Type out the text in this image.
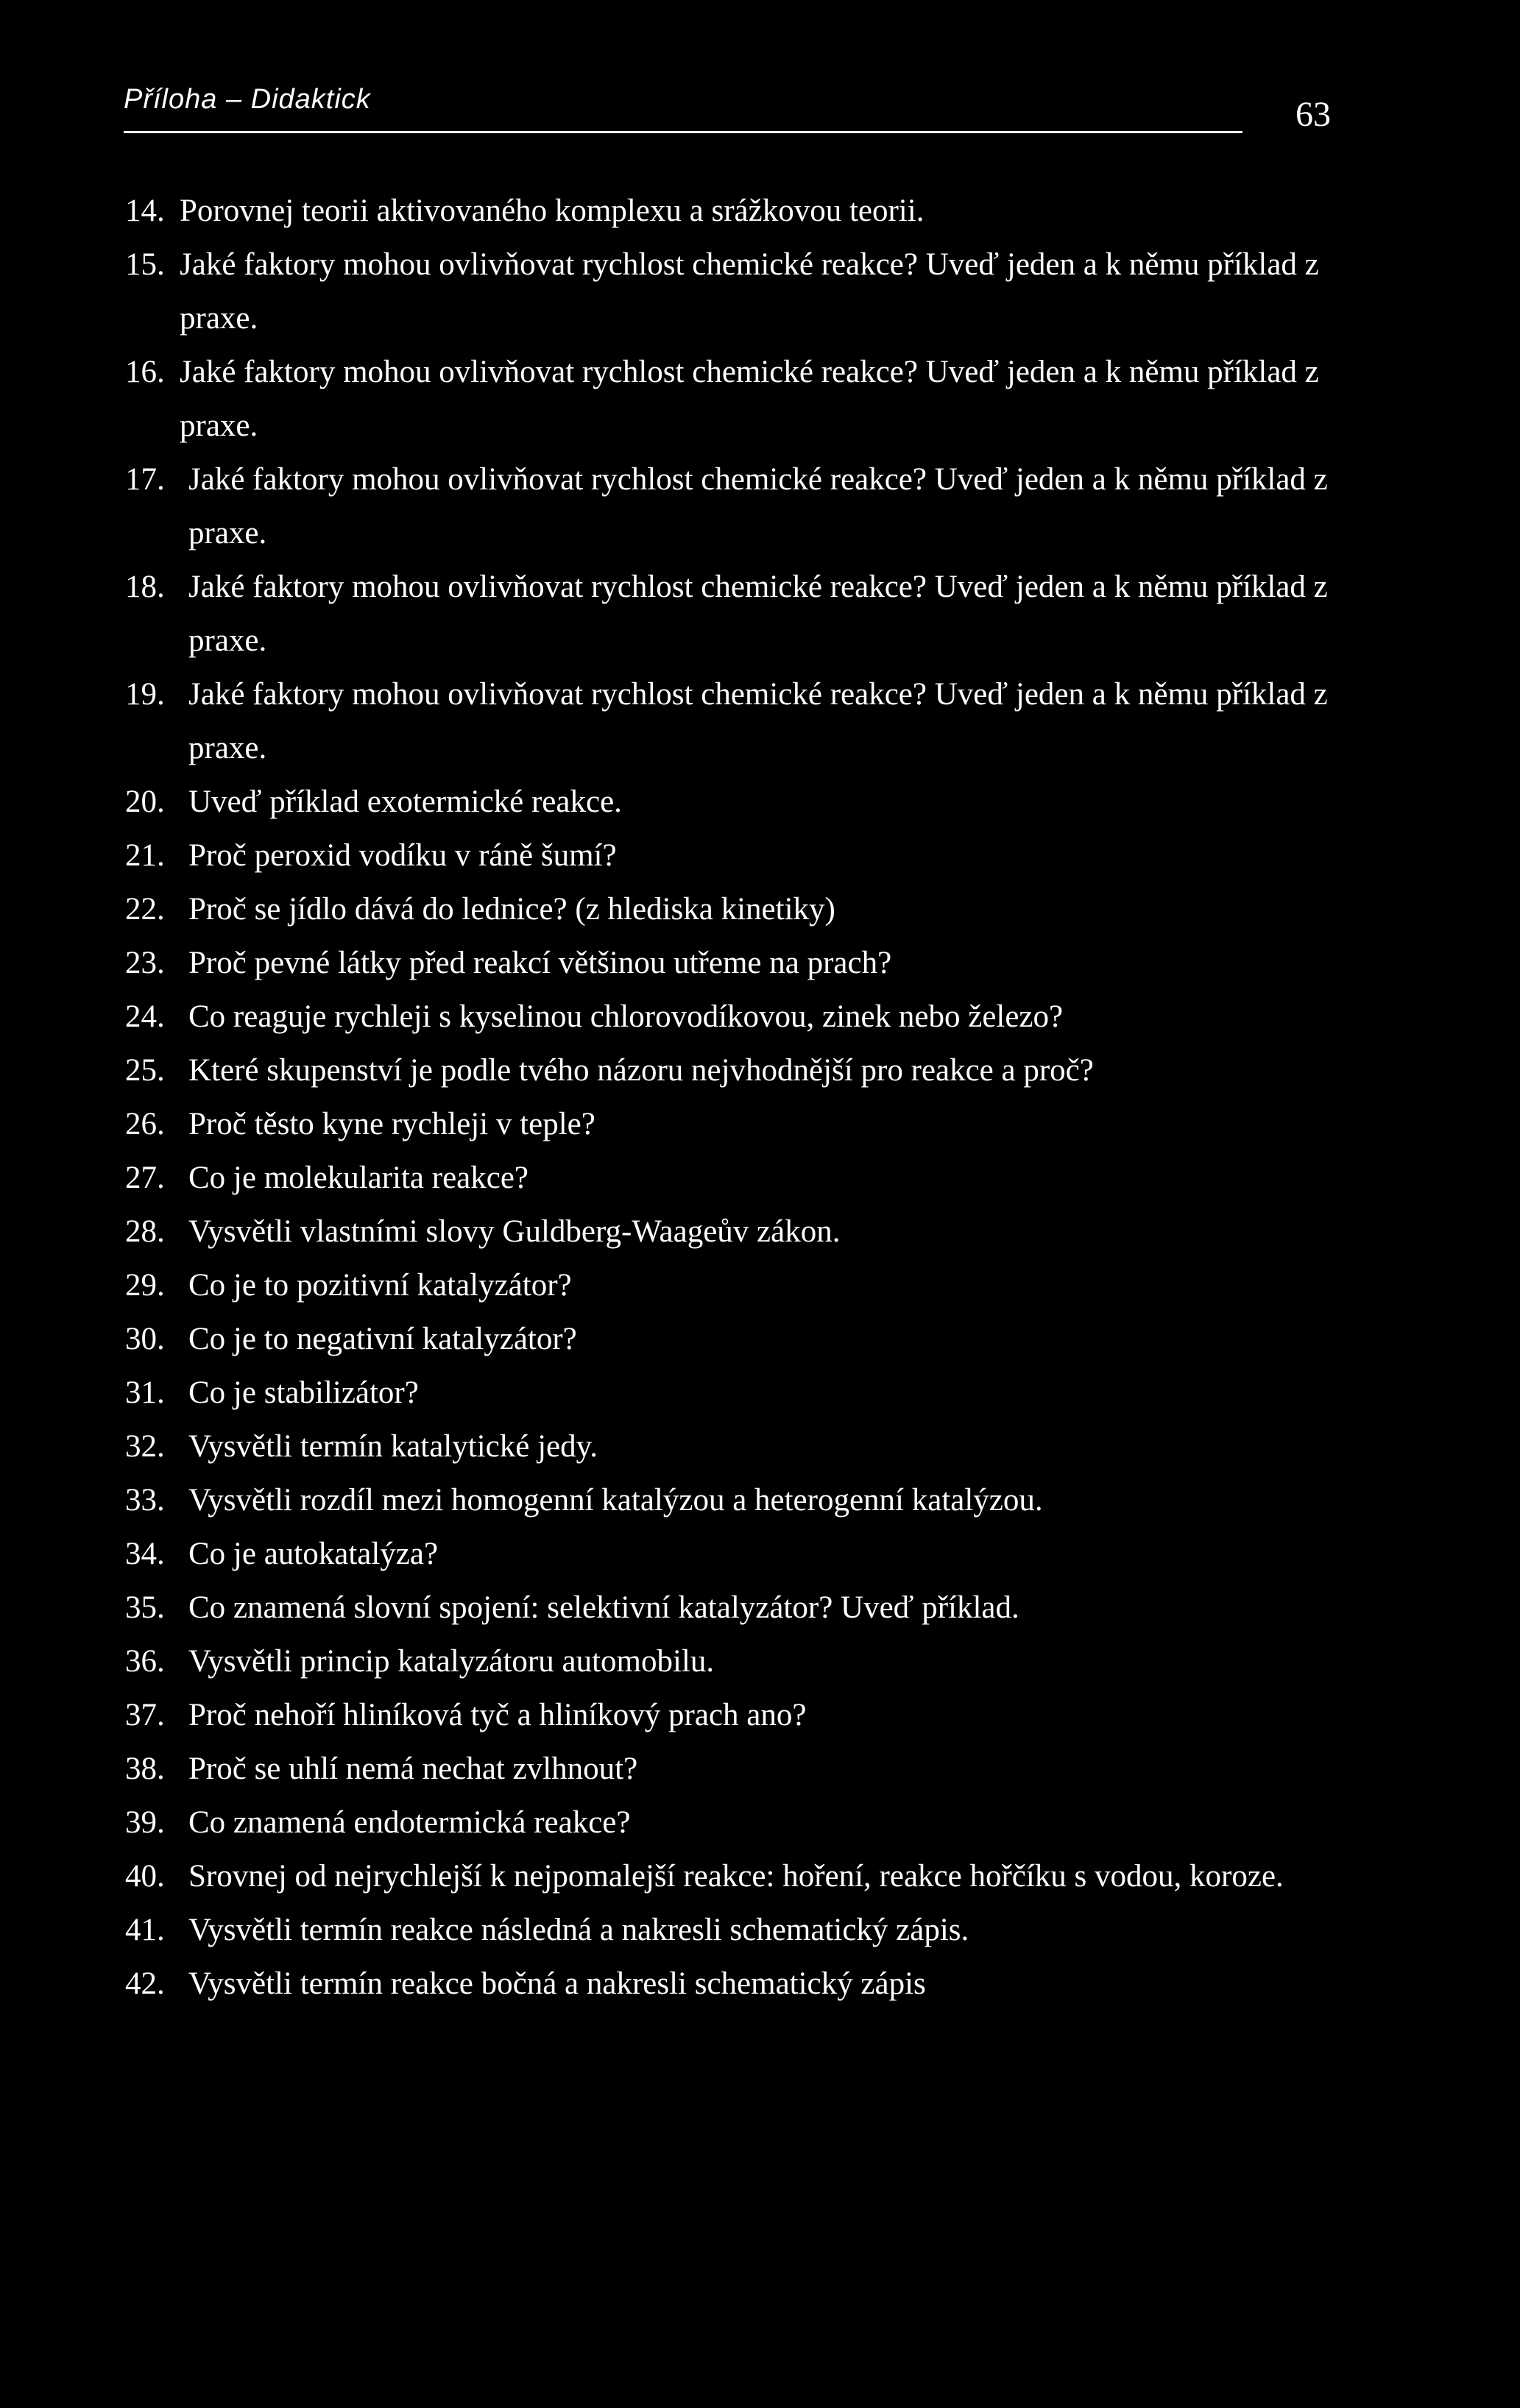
Příloha – Didaktick	63
14. Porovnej teorii aktivovaného komplexu a srážkovou teorii.
15. Jaké faktory mohou ovlivňovat rychlost chemické reakce? Uveď jeden a k němu příklad z praxe.
16. Jaké faktory mohou ovlivňovat rychlost chemické reakce? Uveď jeden a k němu příklad z praxe.
17. Jaké faktory mohou ovlivňovat rychlost chemické reakce? Uveď jeden a k němu příklad z praxe.
18. Jaké faktory mohou ovlivňovat rychlost chemické reakce? Uveď jeden a k němu příklad z praxe.
19. Jaké faktory mohou ovlivňovat rychlost chemické reakce? Uveď jeden a k němu příklad z praxe.
20. Uveď příklad exotermické reakce.
21. Proč peroxid vodíku v ráně šumí?
22. Proč se jídlo dává do lednice? (z hlediska kinetiky)
23. Proč pevné látky před reakcí většinou utřeme na prach?
24. Co reaguje rychleji s kyselinou chlorovodíkovou, zinek nebo železo?
25. Které skupenství je podle tvého názoru nejvhodnější pro reakce a proč?
26. Proč těsto kyne rychleji v teple?
27. Co je molekularita reakce?
28. Vysvětli vlastními slovy Guldberg-Waageův zákon.
29. Co je to pozitivní katalyzátor?
30. Co je to negativní katalyzátor?
31. Co je stabilizátor?
32. Vysvětli termín katalytické jedy.
33. Vysvětli rozdíl mezi homogenní katalýzou a heterogenní katalýzou.
34. Co je autokatalýza?
35. Co znamená slovní spojení: selektivní katalyzátor? Uveď příklad.
36. Vysvětli princip katalyzátoru automobilu.
37. Proč nehoří hliníková tyč a hliníkový prach ano?
38. Proč se uhlí nemá nechat zvlhnout?
39. Co znamená endotermická reakce?
40. Srovnej od nejrychlejší k nejpomalejší reakce: hoření, reakce hořčíku s vodou, koroze.
41. Vysvětli termín reakce následná a nakresli schematický zápis.
42. Vysvětli termín reakce bočná a nakresli schematický zápis
